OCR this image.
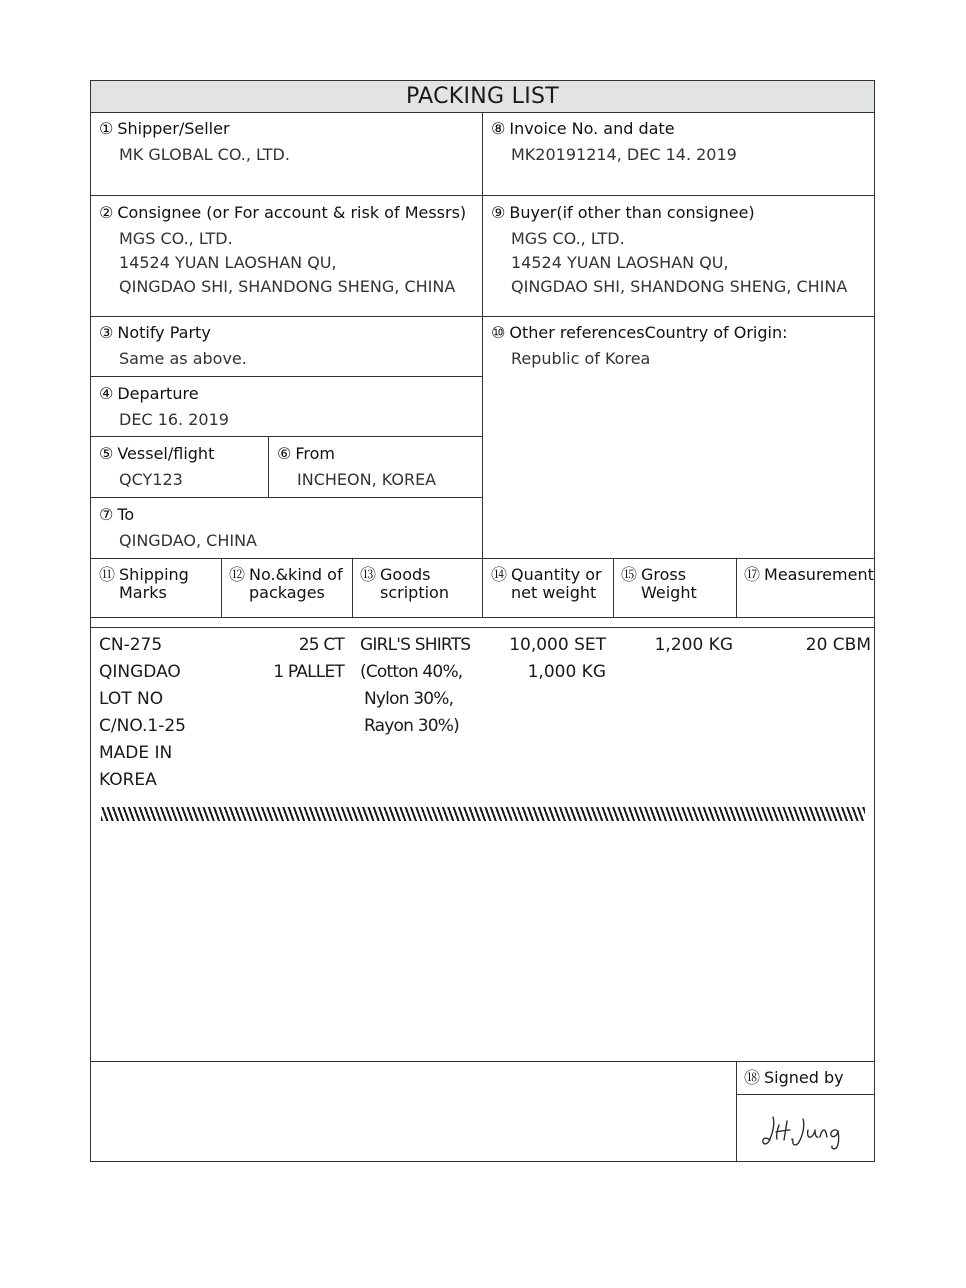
PACKING LIST
① Shipper/Seller
MK GLOBAL CO., LTD.
⑧ Invoice No. and date
MK20191214, DEC 14. 2019
② Consignee (or For account & risk of Messrs)
MGS CO., LTD.
14524 YUAN LAOSHAN QU,
QINGDAO SHI, SHANDONG SHENG, CHINA
⑨ Buyer(if other than consignee)
MGS CO., LTD.
14524 YUAN LAOSHAN QU,
QINGDAO SHI, SHANDONG SHENG, CHINA
③ Notify Party
Same as above.
⑩ Other referencesCountry of Origin:
Republic of Korea
④ Departure
DEC 16. 2019
⑤ Vessel/flight
QCY123
⑥ From
INCHEON, KOREA
⑦ To
QINGDAO, CHINA
⑪ Shipping
Marks
⑫ No.&kind of
packages
⑬ Goods
scription
⑭ Quantity or
net weight
⑮ Gross
Weight
⑰ Measurement
CN-275
QINGDAO
LOT NO
C/NO.1-25
MADE IN
KOREA
25 CT
1 PALLET
GIRL'S SHIRTS
(Cotton 40%,
Nylon 30%,
Rayon 30%)
10,000 SET
1,000 KG
1,200 KG	20 CBM
⑱ Signed by
